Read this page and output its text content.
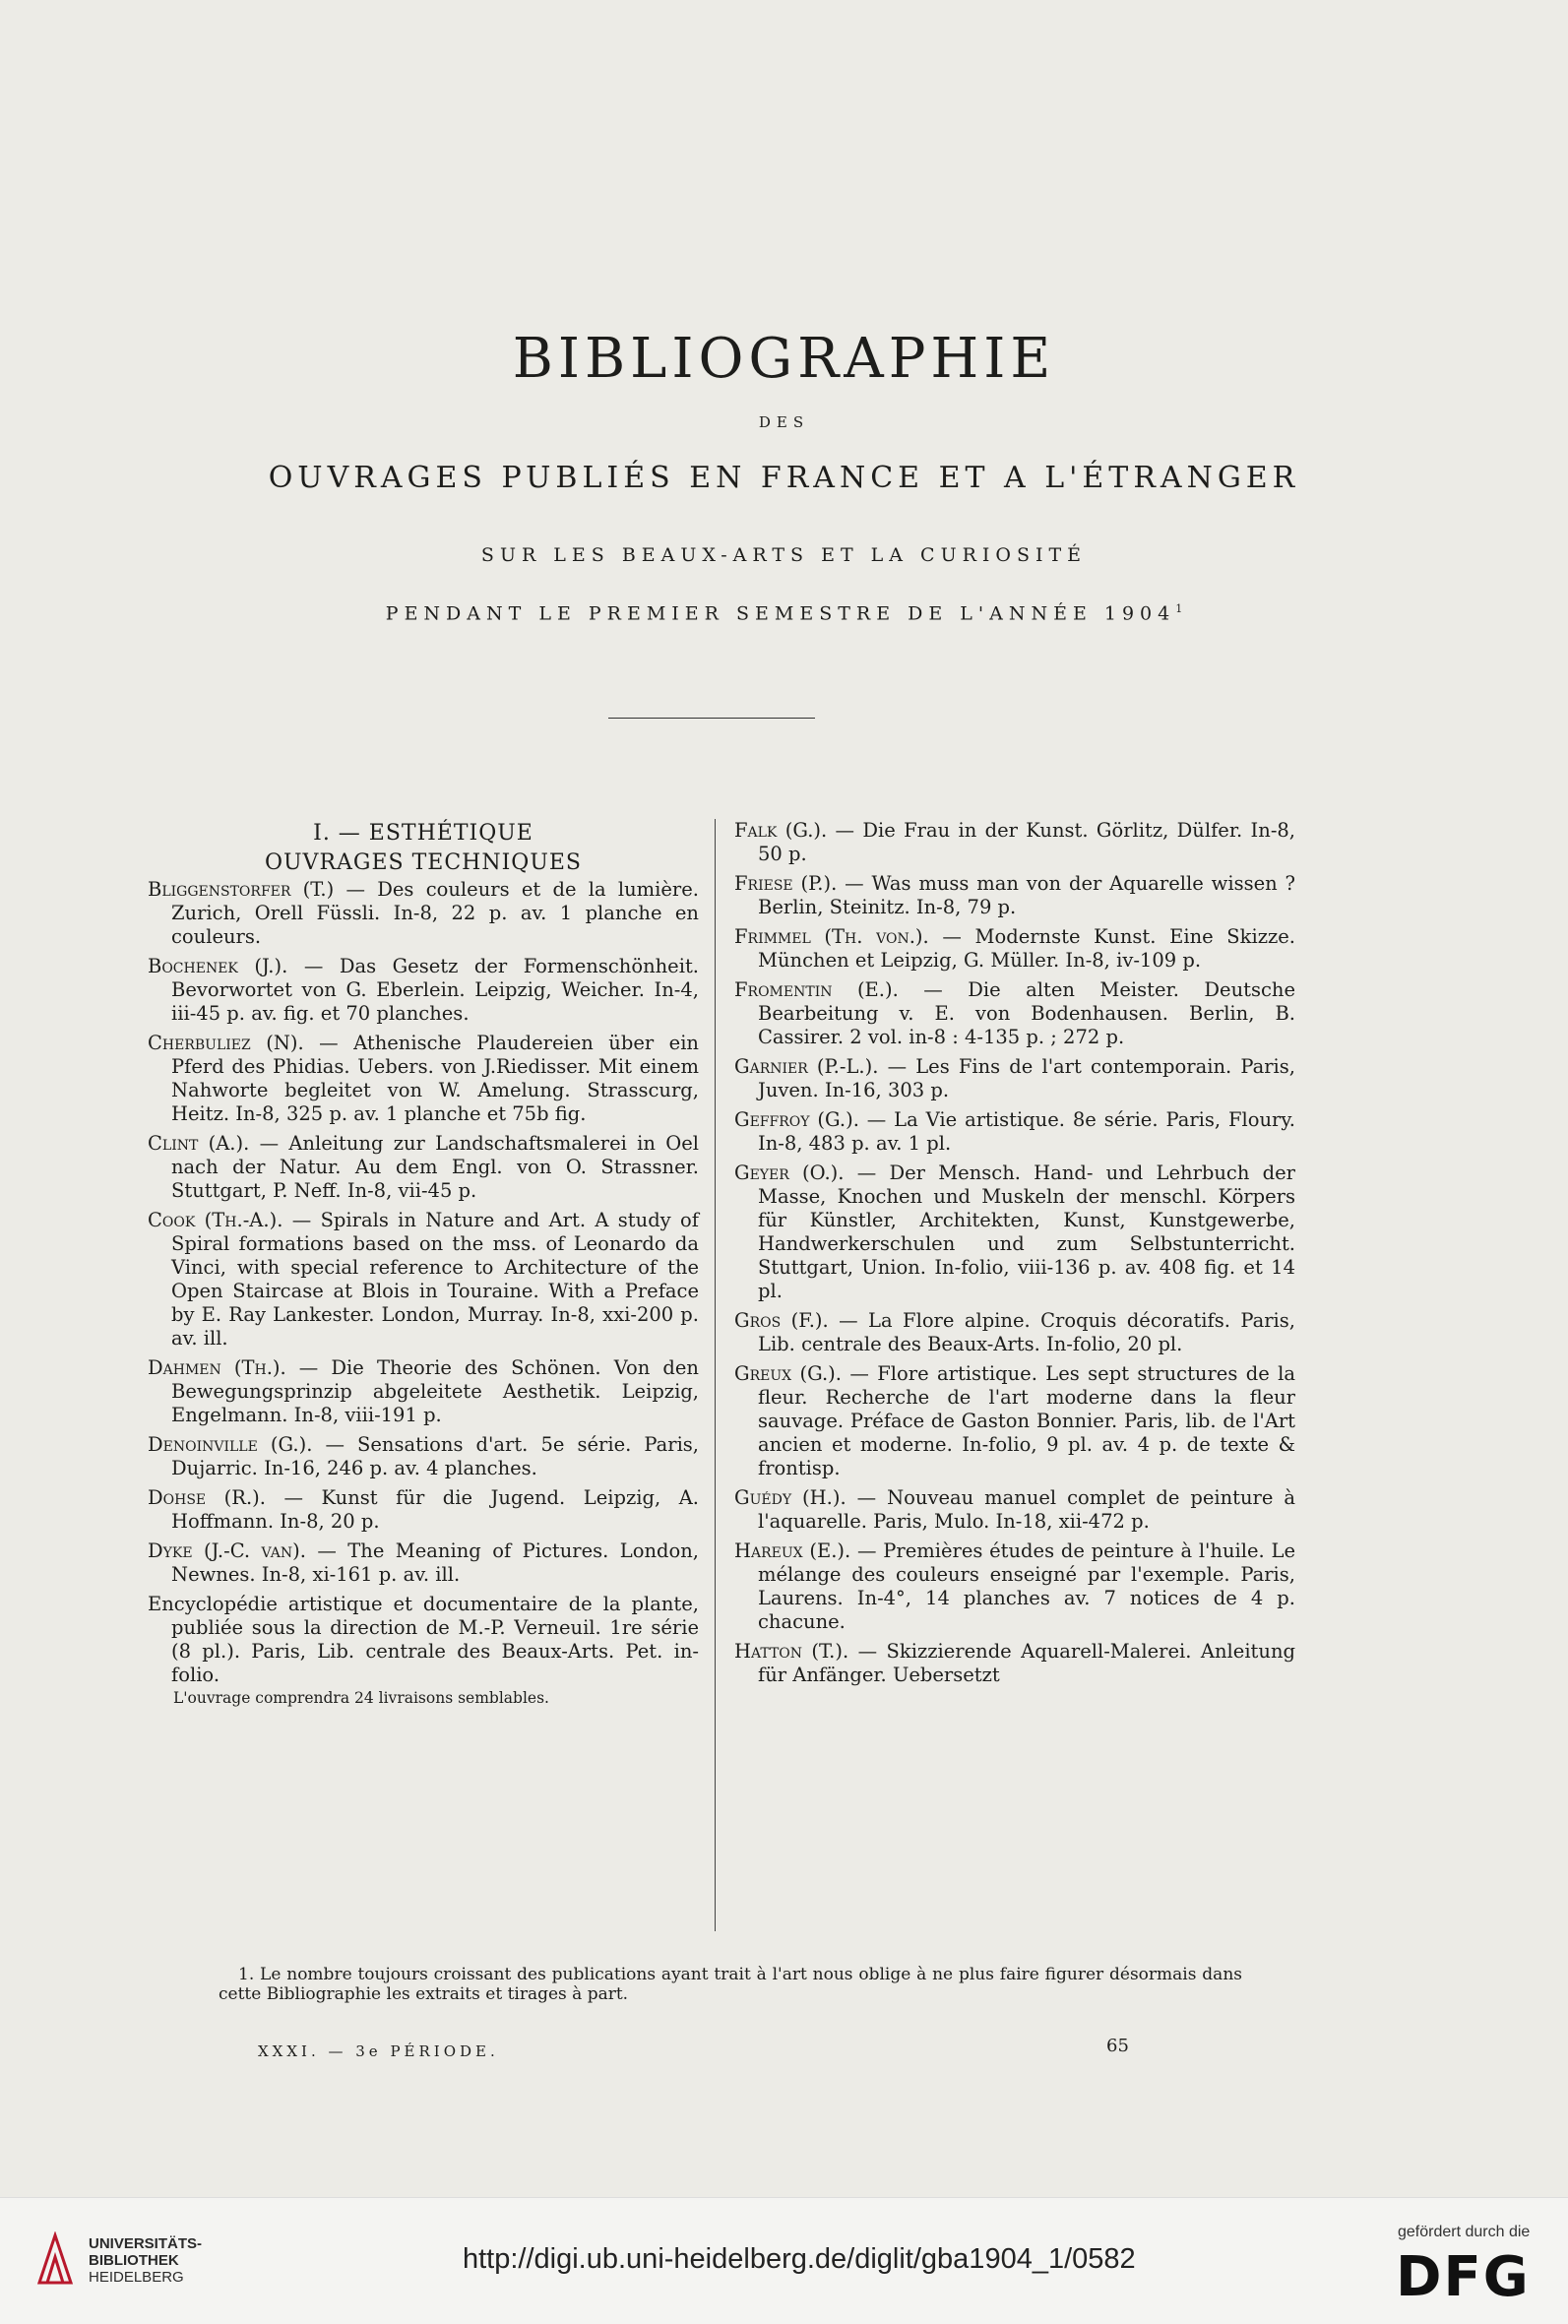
BIBLIOGRAPHIE
DES
OUVRAGES PUBLIÉS EN FRANCE ET A L'ÉTRANGER
SUR LES BEAUX-ARTS ET LA CURIOSITÉ
PENDANT LE PREMIER SEMESTRE DE L'ANNÉE 1904$^1$
I. — ESTHÉTIQUE
OUVRAGES TECHNIQUES
Bliggenstorfer (T.) — Des couleurs et de la lumière. Zurich, Orell Füssli. In-8, 22 p. av. 1 planche en couleurs.
Bochenek (J.). — Das Gesetz der Formenschönheit. Bevorwortet von G. Eberlein. Leipzig, Weicher. In-4, iii-45 p. av. fig. et 70 planches.
Cherbuliez (N). — Athenische Plaudereien über ein Pferd des Phidias. Uebers. von J.Riedisser. Mit einem Nahworte begleitet von W. Amelung. Strasscurg, Heitz. In-8, 325 p. av. 1 planche et 75b fig.
Clint (A.). — Anleitung zur Landschaftsmalerei in Oel nach der Natur. Au dem Engl. von O. Strassner. Stuttgart, P. Neff. In-8, vii-45 p.
Cook (Th.-A.). — Spirals in Nature and Art. A study of Spiral formations based on the mss. of Leonardo da Vinci, with special reference to Architecture of the Open Staircase at Blois in Touraine. With a Preface by E. Ray Lankester. London, Murray. In-8, xxi-200 p. av. ill.
Dahmen (Th.). — Die Theorie des Schönen. Von den Bewegungsprinzip abgeleitete Aesthetik. Leipzig, Engelmann. In-8, viii-191 p.
Denoinville (G.). — Sensations d'art. 5e série. Paris, Dujarric. In-16, 246 p. av. 4 planches.
Dohse (R.). — Kunst für die Jugend. Leipzig, A. Hoffmann. In-8, 20 p.
Dyke (J.-C. van). — The Meaning of Pictures. London, Newnes. In-8, xi-161 p. av. ill.
Encyclopédie artistique et documentaire de la plante, publiée sous la direction de M.-P. Verneuil. 1re série (8 pl.). Paris, Lib. centrale des Beaux-Arts. Pet. in-folio.
L'ouvrage comprendra 24 livraisons semblables.
Falk (G.). — Die Frau in der Kunst. Görlitz, Dülfer. In-8, 50 p.
Friese (P.). — Was muss man von der Aquarelle wissen ? Berlin, Steinitz. In-8, 79 p.
Frimmel (Th. von.). — Modernste Kunst. Eine Skizze. München et Leipzig, G. Müller. In-8, iv-109 p.
Fromentin (E.). — Die alten Meister. Deutsche Bearbeitung v. E. von Bodenhausen. Berlin, B. Cassirer. 2 vol. in-8 : 4-135 p. ; 272 p.
Garnier (P.-L.). — Les Fins de l'art contemporain. Paris, Juven. In-16, 303 p.
Geffroy (G.). — La Vie artistique. 8e série. Paris, Floury. In-8, 483 p. av. 1 pl.
Geyer (O.). — Der Mensch. Hand- und Lehrbuch der Masse, Knochen und Muskeln der menschl. Körpers für Künstler, Architekten, Kunst, Kunstgewerbe, Handwerkerschulen und zum Selbstunterricht. Stuttgart, Union. In-folio, viii-136 p. av. 408 fig. et 14 pl.
Gros (F.). — La Flore alpine. Croquis décoratifs. Paris, Lib. centrale des Beaux-Arts. In-folio, 20 pl.
Greux (G.). — Flore artistique. Les sept structures de la fleur. Recherche de l'art moderne dans la fleur sauvage. Préface de Gaston Bonnier. Paris, lib. de l'Art ancien et moderne. In-folio, 9 pl. av. 4 p. de texte & frontisp.
Guédy (H.). — Nouveau manuel complet de peinture à l'aquarelle. Paris, Mulo. In-18, xii-472 p.
Hareux (E.). — Premières études de peinture à l'huile. Le mélange des couleurs enseigné par l'exemple. Paris, Laurens. In-4°, 14 planches av. 7 notices de 4 p. chacune.
Hatton (T.). — Skizzierende Aquarell-Malerei. Anleitung für Anfänger. Uebersetzt
1. Le nombre toujours croissant des publications ayant trait à l'art nous oblige à ne plus faire figurer désormais dans cette Bibliographie les extraits et tirages à part.
XXXI. — 3e PÉRIODE.	65
UNIVERSITÄTS-
BIBLIOTHEK
HEIDELBERG
http://digi.ub.uni-heidelberg.de/diglit/gba1904_1/0582
gefördert durch die
DFG
